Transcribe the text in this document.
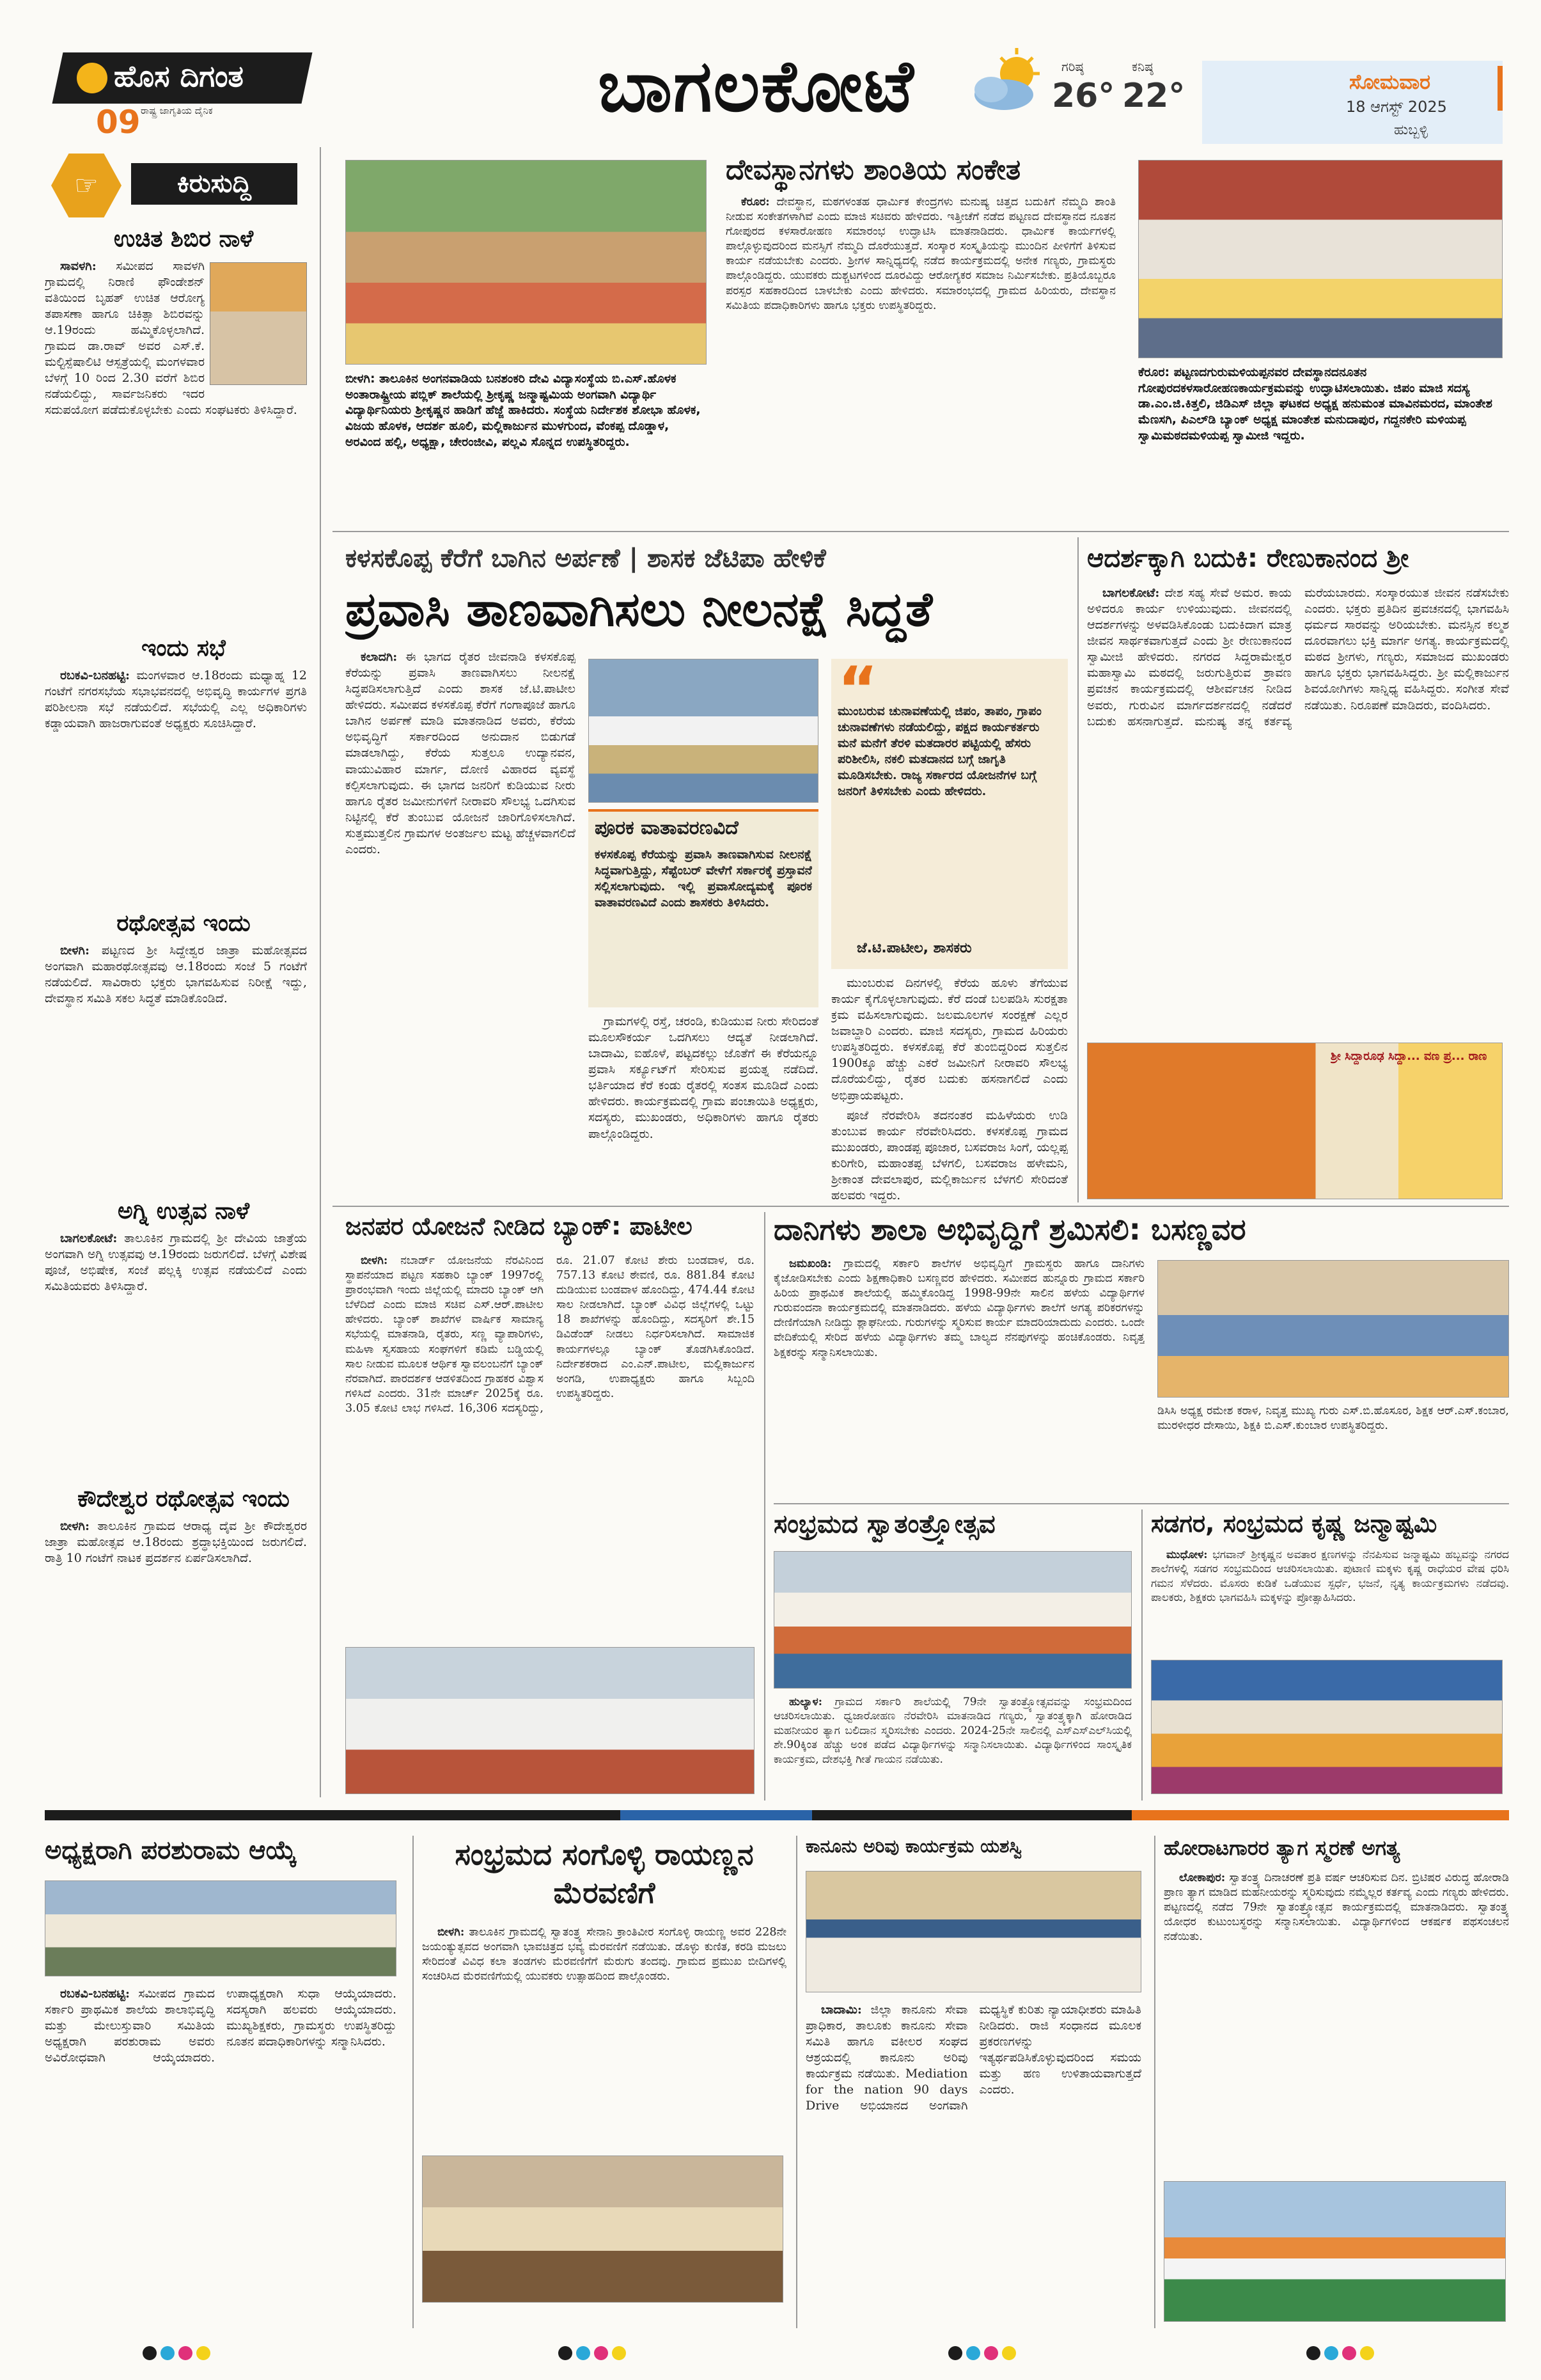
ಹೊಸ ದಿಗಂತ
ರಾಷ್ಟ್ರ ಜಾಗೃತಿಯ ದೈನಿಕ
09	ಬಾಗಲಕೋಟೆ	ಗರಿಷ್ಠ
26°
ಕನಿಷ್ಠ
22°	ಸೋಮವಾರ
18 ಆಗಸ್ಟ್ 2025
ಹುಬ್ಬಳ್ಳಿ
☞	ಕಿರುಸುದ್ದಿ

ಉಚಿತ ಶಿಬಿರ ನಾಳೆ

ಸಾವಳಗಿ: ಸಮೀಪದ ಸಾವಳಗಿ ಗ್ರಾಮದಲ್ಲಿ ನಿರಾಣಿ ಫೌಂಡೇಶನ್ ವತಿಯಿಂದ ಬೃಹತ್ ಉಚಿತ ಆರೋಗ್ಯ ತಪಾಸಣಾ ಹಾಗೂ ಚಿಕಿತ್ಸಾ ಶಿಬಿರವನ್ನು ಆ.19ರಂದು ಹಮ್ಮಿಕೊಳ್ಳಲಾಗಿದೆ. ಗ್ರಾಮದ ಡಾ.ರಾವ್ ಅವರ ಎಸ್.ಕೆ. ಮಲ್ಟಿಸ್ಪೆಷಾಲಿಟಿ ಆಸ್ಪತ್ರೆಯಲ್ಲಿ ಮಂಗಳವಾರ ಬೆಳಗ್ಗೆ 10 ರಿಂದ 2.30 ವರೆಗೆ ಶಿಬಿರ ನಡೆಯಲಿದ್ದು, ಸಾರ್ವಜನಿಕರು ಇದರ ಸದುಪಯೋಗ ಪಡೆದುಕೊಳ್ಳಬೇಕು ಎಂದು ಸಂಘಟಕರು ತಿಳಿಸಿದ್ದಾರೆ.

ಇಂದು ಸಭೆ

ರಬಕವಿ-ಬನಹಟ್ಟಿ: ಮಂಗಳವಾರ ಆ.18ರಂದು ಮಧ್ಯಾಹ್ನ 12 ಗಂಟೆಗೆ ನಗರಸಭೆಯ ಸಭಾಭವನದಲ್ಲಿ ಅಭಿವೃದ್ಧಿ ಕಾರ್ಯಗಳ ಪ್ರಗತಿ ಪರಿಶೀಲನಾ ಸಭೆ ನಡೆಯಲಿದೆ. ಸಭೆಯಲ್ಲಿ ಎಲ್ಲ ಅಧಿಕಾರಿಗಳು ಕಡ್ಡಾಯವಾಗಿ ಹಾಜರಾಗುವಂತೆ ಅಧ್ಯಕ್ಷರು ಸೂಚಿಸಿದ್ದಾರೆ.

ರಥೋತ್ಸವ ಇಂದು

ಬೀಳಗಿ: ಪಟ್ಟಣದ ಶ್ರೀ ಸಿದ್ದೇಶ್ವರ ಜಾತ್ರಾ ಮಹೋತ್ಸವದ ಅಂಗವಾಗಿ ಮಹಾರಥೋತ್ಸವವು ಆ.18ರಂದು ಸಂಜೆ 5 ಗಂಟೆಗೆ ನಡೆಯಲಿದೆ. ಸಾವಿರಾರು ಭಕ್ತರು ಭಾಗವಹಿಸುವ ನಿರೀಕ್ಷೆ ಇದ್ದು, ದೇವಸ್ಥಾನ ಸಮಿತಿ ಸಕಲ ಸಿದ್ಧತೆ ಮಾಡಿಕೊಂಡಿದೆ.

ಅಗ್ನಿ ಉತ್ಸವ ನಾಳೆ

ಬಾಗಲಕೋಟೆ: ತಾಲೂಕಿನ ಗ್ರಾಮದಲ್ಲಿ ಶ್ರೀ ದೇವಿಯ ಜಾತ್ರೆಯ ಅಂಗವಾಗಿ ಅಗ್ನಿ ಉತ್ಸವವು ಆ.19ರಂದು ಜರುಗಲಿದೆ. ಬೆಳಗ್ಗೆ ವಿಶೇಷ ಪೂಜೆ, ಅಭಿಷೇಕ, ಸಂಜೆ ಪಲ್ಲಕ್ಕಿ ಉತ್ಸವ ನಡೆಯಲಿದೆ ಎಂದು ಸಮಿತಿಯವರು ತಿಳಿಸಿದ್ದಾರೆ.

ಕೌದೇಶ್ವರ ರಥೋತ್ಸವ ಇಂದು

ಬೀಳಗಿ: ತಾಲೂಕಿನ ಗ್ರಾಮದ ಆರಾಧ್ಯ ದೈವ ಶ್ರೀ ಕೌದೇಶ್ವರರ ಜಾತ್ರಾ ಮಹೋತ್ಸವ ಆ.18ರಂದು ಶ್ರದ್ಧಾಭಕ್ತಿಯಿಂದ ಜರುಗಲಿದೆ. ರಾತ್ರಿ 10 ಗಂಟೆಗೆ ನಾಟಕ ಪ್ರದರ್ಶನ ಏರ್ಪಡಿಸಲಾಗಿದೆ.

ಬೀಳಗಿ: ತಾಲೂಕಿನ ಅಂಗನವಾಡಿಯ ಬನಶಂಕರಿ ದೇವಿ ವಿದ್ಯಾಸಂಸ್ಥೆಯ ಬಿ.ಎಸ್.ಹೊಳಕ ಅಂತಾರಾಷ್ಟ್ರೀಯ ಪಬ್ಲಿಕ್ ಶಾಲೆಯಲ್ಲಿ ಶ್ರೀಕೃಷ್ಣ ಜನ್ಮಾಷ್ಟಮಿಯ ಅಂಗವಾಗಿ ವಿದ್ಯಾರ್ಥಿ ವಿದ್ಯಾರ್ಥಿನಿಯರು ಶ್ರೀಕೃಷ್ಣನ ಹಾಡಿಗೆ ಹೆಜ್ಜೆ ಹಾಕಿದರು. ಸಂಸ್ಥೆಯ ನಿರ್ದೇಶಕ ಶೋಭಾ ಹೊಳಕ, ವಿಜಯ ಹೊಳಕ, ಆದರ್ಶ ಹೂಲಿ, ಮಲ್ಲಿಕಾರ್ಜುನ ಮುಳಗುಂದ, ವೆಂಕಪ್ಪ ದೊಡ್ಡಾಳ, ಅರವಿಂದ ಹಲ್ಲಿ, ಅಧ್ಯಕ್ಷಾ, ಚೇರಂಜೀವಿ, ಪಲ್ಲವಿ ಸೊನ್ನದ ಉಪಸ್ಥಿತರಿದ್ದರು.
ದೇವಸ್ಥಾನಗಳು ಶಾಂತಿಯ ಸಂಕೇತ

ಕೆರೂರ: ದೇವಸ್ಥಾನ, ಮಠಗಳಂತಹ ಧಾರ್ಮಿಕ ಕೇಂದ್ರಗಳು ಮನುಷ್ಯ ಚಿತ್ತದ ಬದುಕಿಗೆ ನೆಮ್ಮದಿ ಶಾಂತಿ ನೀಡುವ ಸಂಕೇತಗಳಾಗಿವೆ ಎಂದು ಮಾಜಿ ಸಚಿವರು ಹೇಳಿದರು. ಇತ್ತೀಚೆಗೆ ನಡೆದ ಪಟ್ಟಣದ ದೇವಸ್ಥಾನದ ನೂತನ ಗೋಪುರದ ಕಳಸಾರೋಹಣ ಸಮಾರಂಭ ಉದ್ಘಾಟಿಸಿ ಮಾತನಾಡಿದರು. ಧಾರ್ಮಿಕ ಕಾರ್ಯಗಳಲ್ಲಿ ಪಾಲ್ಗೊಳ್ಳುವುದರಿಂದ ಮನಸ್ಸಿಗೆ ನೆಮ್ಮದಿ ದೊರೆಯುತ್ತದೆ. ಸಂಸ್ಕಾರ ಸಂಸ್ಕೃತಿಯನ್ನು ಮುಂದಿನ ಪೀಳಿಗೆಗೆ ತಿಳಿಸುವ ಕಾರ್ಯ ನಡೆಯಬೇಕು ಎಂದರು. ಶ್ರೀಗಳ ಸಾನ್ನಿಧ್ಯದಲ್ಲಿ ನಡೆದ ಕಾರ್ಯಕ್ರಮದಲ್ಲಿ ಅನೇಕ ಗಣ್ಯರು, ಗ್ರಾಮಸ್ಥರು ಪಾಲ್ಗೊಂಡಿದ್ದರು. ಯುವಕರು ದುಶ್ಚಟಗಳಿಂದ ದೂರವಿದ್ದು ಆರೋಗ್ಯಕರ ಸಮಾಜ ನಿರ್ಮಿಸಬೇಕು. ಪ್ರತಿಯೊಬ್ಬರೂ ಪರಸ್ಪರ ಸಹಕಾರದಿಂದ ಬಾಳಬೇಕು ಎಂದು ಹೇಳಿದರು. ಸಮಾರಂಭದಲ್ಲಿ ಗ್ರಾಮದ ಹಿರಿಯರು, ದೇವಸ್ಥಾನ ಸಮಿತಿಯ ಪದಾಧಿಕಾರಿಗಳು ಹಾಗೂ ಭಕ್ತರು ಉಪಸ್ಥಿತರಿದ್ದರು.

ಕೆರೂರ: ಪಟ್ಟಣದಗುರುಮಳಿಯಪ್ಪನವರ ದೇವಸ್ಥಾನದನೂತನ ಗೋಪುರದಕಳಸಾರೋಹಣಕಾರ್ಯಕ್ರಮವನ್ನು ಉದ್ಘಾಟಿಸಲಾಯಿತು. ಜಿಪಂ ಮಾಜಿ ಸದಸ್ಯ ಡಾ.ಎಂ.ಜಿ.ಕಿತ್ತಲಿ, ಜಿಡಿಎಸ್ ಜಿಲ್ಲಾ ಘಟಕದ ಅಧ್ಯಕ್ಷ ಹನುಮಂತ ಮಾವಿನಮರದ, ಮಾಂತೇಶ ಮೆಣಸಗಿ, ಪಿಎಲ್‌ಡಿ ಬ್ಯಾಂಕ್ ಅಧ್ಯಕ್ಷ ಮಾಂತೇಶ ಮನುದಾಪುರ, ಗದ್ದನಕೇರಿ ಮಳಿಯಪ್ಪ ಸ್ವಾಮಿಮಠದಮಳಿಯಪ್ಪ ಸ್ವಾಮೀಜಿ ಇದ್ದರು.
ಕಳಸಕೊಪ್ಪ ಕೆರೆಗೆ ಬಾಗಿನ ಅರ್ಪಣೆ | ಶಾಸಕ ಜೆಟಿಪಾ ಹೇಳಿಕೆ
ಪ್ರವಾಸಿ ತಾಣವಾಗಿಸಲು ನೀಲನಕ್ಷೆ ಸಿದ್ಧತೆ

ಕಲಾದಗಿ: ಈ ಭಾಗದ ರೈತರ ಜೀವನಾಡಿ ಕಳಸಕೊಪ್ಪ ಕೆರೆಯನ್ನು ಪ್ರವಾಸಿ ತಾಣವಾಗಿಸಲು ನೀಲನಕ್ಷೆ ಸಿದ್ಧಪಡಿಸಲಾಗುತ್ತಿದೆ ಎಂದು ಶಾಸಕ ಜೆ.ಟಿ.ಪಾಟೀಲ ಹೇಳಿದರು. ಸಮೀಪದ ಕಳಸಕೊಪ್ಪ ಕೆರೆಗೆ ಗಂಗಾಪೂಜೆ ಹಾಗೂ ಬಾಗಿನ ಅರ್ಪಣೆ ಮಾಡಿ ಮಾತನಾಡಿದ ಅವರು, ಕೆರೆಯ ಅಭಿವೃದ್ಧಿಗೆ ಸರ್ಕಾರದಿಂದ ಅನುದಾನ ಬಿಡುಗಡೆ ಮಾಡಲಾಗಿದ್ದು, ಕೆರೆಯ ಸುತ್ತಲೂ ಉದ್ಯಾನವನ, ವಾಯುವಿಹಾರ ಮಾರ್ಗ, ದೋಣಿ ವಿಹಾರದ ವ್ಯವಸ್ಥೆ ಕಲ್ಪಿಸಲಾಗುವುದು. ಈ ಭಾಗದ ಜನರಿಗೆ ಕುಡಿಯುವ ನೀರು ಹಾಗೂ ರೈತರ ಜಮೀನುಗಳಿಗೆ ನೀರಾವರಿ ಸೌಲಭ್ಯ ಒದಗಿಸುವ ನಿಟ್ಟಿನಲ್ಲಿ ಕೆರೆ ತುಂಬುವ ಯೋಜನೆ ಜಾರಿಗೊಳಿಸಲಾಗಿದೆ. ಸುತ್ತಮುತ್ತಲಿನ ಗ್ರಾಮಗಳ ಅಂತರ್ಜಲ ಮಟ್ಟ ಹೆಚ್ಚಳವಾಗಲಿದೆ ಎಂದರು.

ಪೂರಕ ವಾತಾವರಣವಿದೆ
ಕಳಸಕೊಪ್ಪ ಕೆರೆಯನ್ನು ಪ್ರವಾಸಿ ತಾಣವಾಗಿಸುವ ನೀಲನಕ್ಷೆ ಸಿದ್ಧವಾಗುತ್ತಿದ್ದು, ಸೆಪ್ಟೆಂಬರ್ ವೇಳೆಗೆ ಸರ್ಕಾರಕ್ಕೆ ಪ್ರಸ್ತಾವನೆ ಸಲ್ಲಿಸಲಾಗುವುದು. ಇಲ್ಲಿ ಪ್ರವಾಸೋದ್ಯಮಕ್ಕೆ ಪೂರಕ ವಾತಾವರಣವಿದೆ ಎಂದು ಶಾಸಕರು ತಿಳಿಸಿದರು.

ಗ್ರಾಮಗಳಲ್ಲಿ ರಸ್ತೆ, ಚರಂಡಿ, ಕುಡಿಯುವ ನೀರು ಸೇರಿದಂತೆ ಮೂಲಸೌಕರ್ಯ ಒದಗಿಸಲು ಆದ್ಯತೆ ನೀಡಲಾಗಿದೆ. ಬಾದಾಮಿ, ಐಹೊಳೆ, ಪಟ್ಟದಕಲ್ಲು ಜೊತೆಗೆ ಈ ಕೆರೆಯನ್ನೂ ಪ್ರವಾಸಿ ಸರ್ಕ್ಯೂಟ್‌ಗೆ ಸೇರಿಸುವ ಪ್ರಯತ್ನ ನಡೆದಿದೆ. ಭರ್ತಿಯಾದ ಕೆರೆ ಕಂಡು ರೈತರಲ್ಲಿ ಸಂತಸ ಮೂಡಿದೆ ಎಂದು ಹೇಳಿದರು. ಕಾರ್ಯಕ್ರಮದಲ್ಲಿ ಗ್ರಾಮ ಪಂಚಾಯಿತಿ ಅಧ್ಯಕ್ಷರು, ಸದಸ್ಯರು, ಮುಖಂಡರು, ಅಧಿಕಾರಿಗಳು ಹಾಗೂ ರೈತರು ಪಾಲ್ಗೊಂಡಿದ್ದರು.

“
ಮುಂಬರುವ ಚುನಾವಣೆಯಲ್ಲಿ ಜಿಪಂ, ತಾಪಂ, ಗ್ರಾಪಂ ಚುನಾವಣೆಗಳು ನಡೆಯಲಿದ್ದು, ಪಕ್ಷದ ಕಾರ್ಯಕರ್ತರು ಮನೆ ಮನೆಗೆ ತೆರಳಿ ಮತದಾರರ ಪಟ್ಟಿಯಲ್ಲಿ ಹೆಸರು ಪರಿಶೀಲಿಸಿ, ನಕಲಿ ಮತದಾನದ ಬಗ್ಗೆ ಜಾಗೃತಿ ಮೂಡಿಸಬೇಕು. ರಾಜ್ಯ ಸರ್ಕಾರದ ಯೋಜನೆಗಳ ಬಗ್ಗೆ ಜನರಿಗೆ ತಿಳಿಸಬೇಕು ಎಂದು ಹೇಳಿದರು.
ಜೆ.ಟಿ.ಪಾಟೀಲ, ಶಾಸಕರು

ಮುಂಬರುವ ದಿನಗಳಲ್ಲಿ ಕೆರೆಯ ಹೂಳು ತೆಗೆಯುವ ಕಾರ್ಯ ಕೈಗೊಳ್ಳಲಾಗುವುದು. ಕೆರೆ ದಂಡೆ ಬಲಪಡಿಸಿ ಸುರಕ್ಷತಾ ಕ್ರಮ ವಹಿಸಲಾಗುವುದು. ಜಲಮೂಲಗಳ ಸಂರಕ್ಷಣೆ ಎಲ್ಲರ ಜವಾಬ್ದಾರಿ ಎಂದರು. ಮಾಜಿ ಸದಸ್ಯರು, ಗ್ರಾಮದ ಹಿರಿಯರು ಉಪಸ್ಥಿತರಿದ್ದರು. ಕಳಸಕೊಪ್ಪ ಕೆರೆ ತುಂಬಿದ್ದರಿಂದ ಸುತ್ತಲಿನ 1900ಕ್ಕೂ ಹೆಚ್ಚು ಎಕರೆ ಜಮೀನಿಗೆ ನೀರಾವರಿ ಸೌಲಭ್ಯ ದೊರೆಯಲಿದ್ದು, ರೈತರ ಬದುಕು ಹಸನಾಗಲಿದೆ ಎಂದು ಅಭಿಪ್ರಾಯಪಟ್ಟರು.

ಪೂಜೆ ನೆರವೇರಿಸಿ ತದನಂತರ ಮಹಿಳೆಯರು ಉಡಿ ತುಂಬುವ ಕಾರ್ಯ ನೆರವೇರಿಸಿದರು. ಕಳಸಕೊಪ್ಪ ಗ್ರಾಮದ ಮುಖಂಡರು, ಪಾಂಡಪ್ಪ ಪೂಜಾರ, ಬಸವರಾಜ ಸಿಂಗೆ, ಯಲ್ಲಪ್ಪ ಕುರಿಗೇರಿ, ಮಹಾಂತಪ್ಪ ಬೆಳಗಲಿ, ಬಸವರಾಜ ಹಳೇಮನಿ, ಶ್ರೀಕಾಂತ ದೇವಲಾಪುರ, ಮಲ್ಲಿಕಾರ್ಜುನ ಬೆಳಗಲಿ ಸೇರಿದಂತೆ ಹಲವರು ಇದ್ದರು.

ಆದರ್ಶಕ್ಕಾಗಿ ಬದುಕಿ: ರೇಣುಕಾನಂದ ಶ್ರೀ

ಬಾಗಲಕೋಟೆ: ದೇಶ ಸಹ್ಯ ಸೇವೆ ಅಮರ. ಕಾಯ ಅಳಿದರೂ ಕಾರ್ಯ ಉಳಿಯುವುದು. ಜೀವನದಲ್ಲಿ ಆದರ್ಶಗಳನ್ನು ಅಳವಡಿಸಿಕೊಂಡು ಬದುಕಿದಾಗ ಮಾತ್ರ ಜೀವನ ಸಾರ್ಥಕವಾಗುತ್ತದೆ ಎಂದು ಶ್ರೀ ರೇಣುಕಾನಂದ ಸ್ವಾಮೀಜಿ ಹೇಳಿದರು. ನಗರದ ಸಿದ್ದರಾಮೇಶ್ವರ ಮಹಾಸ್ವಾಮಿ ಮಠದಲ್ಲಿ ಜರುಗುತ್ತಿರುವ ಶ್ರಾವಣ ಪ್ರವಚನ ಕಾರ್ಯಕ್ರಮದಲ್ಲಿ ಆಶೀರ್ವಚನ ನೀಡಿದ ಅವರು, ಗುರುವಿನ ಮಾರ್ಗದರ್ಶನದಲ್ಲಿ ನಡೆದರೆ ಬದುಕು ಹಸನಾಗುತ್ತದೆ. ಮನುಷ್ಯ ತನ್ನ ಕರ್ತವ್ಯ ಮರೆಯಬಾರದು. ಸಂಸ್ಕಾರಯುತ ಜೀವನ ನಡೆಸಬೇಕು ಎಂದರು. ಭಕ್ತರು ಪ್ರತಿದಿನ ಪ್ರವಚನದಲ್ಲಿ ಭಾಗವಹಿಸಿ ಧರ್ಮದ ಸಾರವನ್ನು ಅರಿಯಬೇಕು. ಮನಸ್ಸಿನ ಕಲ್ಮಶ ದೂರವಾಗಲು ಭಕ್ತಿ ಮಾರ್ಗ ಅಗತ್ಯ. ಕಾರ್ಯಕ್ರಮದಲ್ಲಿ ಮಠದ ಶ್ರೀಗಳು, ಗಣ್ಯರು, ಸಮಾಜದ ಮುಖಂಡರು ಹಾಗೂ ಭಕ್ತರು ಭಾಗವಹಿಸಿದ್ದರು. ಶ್ರೀ ಮಲ್ಲಿಕಾರ್ಜುನ ಶಿವಯೋಗಿಗಳು ಸಾನ್ನಿಧ್ಯ ವಹಿಸಿದ್ದರು. ಸಂಗೀತ ಸೇವೆ ನಡೆಯಿತು. ನಿರೂಪಣೆ ಮಾಡಿದರು, ವಂದಿಸಿದರು.

ಶ್ರೀ ಸಿದ್ದಾರೂಢ ಸಿದ್ದಾ... ವಣ ಪ್ರ... ರಾಣ
ಜನಪರ ಯೋಜನೆ ನೀಡಿದ ಬ್ಯಾಂಕ್: ಪಾಟೀಲ

ಬೀಳಗಿ: ನಬಾರ್ಡ್ ಯೋಜನೆಯ ನೆರವಿನಿಂದ ಸ್ಥಾಪನೆಯಾದ ಪಟ್ಟಣ ಸಹಕಾರಿ ಬ್ಯಾಂಕ್ 1997ರಲ್ಲಿ ಪ್ರಾರಂಭವಾಗಿ ಇಂದು ಜಿಲ್ಲೆಯಲ್ಲಿ ಮಾದರಿ ಬ್ಯಾಂಕ್ ಆಗಿ ಬೆಳೆದಿದೆ ಎಂದು ಮಾಜಿ ಸಚಿವ ಎಸ್.ಆರ್.ಪಾಟೀಲ ಹೇಳಿದರು. ಬ್ಯಾಂಕ್ ಶಾಖೆಗಳ ವಾರ್ಷಿಕ ಸಾಮಾನ್ಯ ಸಭೆಯಲ್ಲಿ ಮಾತನಾಡಿ, ರೈತರು, ಸಣ್ಣ ವ್ಯಾಪಾರಿಗಳು, ಮಹಿಳಾ ಸ್ವಸಹಾಯ ಸಂಘಗಳಿಗೆ ಕಡಿಮೆ ಬಡ್ಡಿಯಲ್ಲಿ ಸಾಲ ನೀಡುವ ಮೂಲಕ ಆರ್ಥಿಕ ಸ್ವಾವಲಂಬನೆಗೆ ಬ್ಯಾಂಕ್ ನೆರವಾಗಿದೆ. ಪಾರದರ್ಶಕ ಆಡಳಿತದಿಂದ ಗ್ರಾಹಕರ ವಿಶ್ವಾಸ ಗಳಿಸಿದೆ ಎಂದರು. 31ನೇ ಮಾರ್ಚ್ 2025ಕ್ಕೆ ರೂ. 3.05 ಕೋಟಿ ಲಾಭ ಗಳಿಸಿದೆ. 16,306 ಸದಸ್ಯರಿದ್ದು, ರೂ. 21.07 ಕೋಟಿ ಶೇರು ಬಂಡವಾಳ, ರೂ. 757.13 ಕೋಟಿ ಠೇವಣಿ, ರೂ. 881.84 ಕೋಟಿ ದುಡಿಯುವ ಬಂಡವಾಳ ಹೊಂದಿದ್ದು, 474.44 ಕೋಟಿ ಸಾಲ ನೀಡಲಾಗಿದೆ. ಬ್ಯಾಂಕ್ ವಿವಿಧ ಜಿಲ್ಲೆಗಳಲ್ಲಿ ಒಟ್ಟು 18 ಶಾಖೆಗಳನ್ನು ಹೊಂದಿದ್ದು, ಸದಸ್ಯರಿಗೆ ಶೇ.15 ಡಿವಿಡೆಂಡ್ ನೀಡಲು ನಿರ್ಧರಿಸಲಾಗಿದೆ. ಸಾಮಾಜಿಕ ಕಾರ್ಯಗಳಲ್ಲೂ ಬ್ಯಾಂಕ್ ತೊಡಗಿಸಿಕೊಂಡಿದೆ. ನಿರ್ದೇಶಕರಾದ ಎಂ.ಎನ್.ಪಾಟೀಲ, ಮಲ್ಲಿಕಾರ್ಜುನ ಅಂಗಡಿ, ಉಪಾಧ್ಯಕ್ಷರು ಹಾಗೂ ಸಿಬ್ಬಂದಿ ಉಪಸ್ಥಿತರಿದ್ದರು.

ದಾನಿಗಳು ಶಾಲಾ ಅಭಿವೃದ್ಧಿಗೆ ಶ್ರಮಿಸಲಿ: ಬಸಣ್ಣವರ

ಜಮಖಂಡಿ: ಗ್ರಾಮದಲ್ಲಿ ಸರ್ಕಾರಿ ಶಾಲೆಗಳ ಅಭಿವೃದ್ಧಿಗೆ ಗ್ರಾಮಸ್ಥರು ಹಾಗೂ ದಾನಿಗಳು ಕೈಜೋಡಿಸಬೇಕು ಎಂದು ಶಿಕ್ಷಣಾಧಿಕಾರಿ ಬಸಣ್ಣವರ ಹೇಳಿದರು. ಸಮೀಪದ ಹುನ್ನೂರು ಗ್ರಾಮದ ಸರ್ಕಾರಿ ಹಿರಿಯ ಪ್ರಾಥಮಿಕ ಶಾಲೆಯಲ್ಲಿ ಹಮ್ಮಿಕೊಂಡಿದ್ದ 1998-99ನೇ ಸಾಲಿನ ಹಳೆಯ ವಿದ್ಯಾರ್ಥಿಗಳ ಗುರುವಂದನಾ ಕಾರ್ಯಕ್ರಮದಲ್ಲಿ ಮಾತನಾಡಿದರು. ಹಳೆಯ ವಿದ್ಯಾರ್ಥಿಗಳು ಶಾಲೆಗೆ ಅಗತ್ಯ ಪರಿಕರಗಳನ್ನು ದೇಣಿಗೆಯಾಗಿ ನೀಡಿದ್ದು ಶ್ಲಾಘನೀಯ. ಗುರುಗಳನ್ನು ಸ್ಮರಿಸುವ ಕಾರ್ಯ ಮಾದರಿಯಾದುದು ಎಂದರು. ಒಂದೇ ವೇದಿಕೆಯಲ್ಲಿ ಸೇರಿದ ಹಳೆಯ ವಿದ್ಯಾರ್ಥಿಗಳು ತಮ್ಮ ಬಾಲ್ಯದ ನೆನಪುಗಳನ್ನು ಹಂಚಿಕೊಂಡರು. ನಿವೃತ್ತ ಶಿಕ್ಷಕರನ್ನು ಸನ್ಮಾನಿಸಲಾಯಿತು.

ಡಿಸಿಸಿ ಅಧ್ಯಕ್ಷ ರಮೇಶ ಕರಾಳ, ನಿವೃತ್ತ ಮುಖ್ಯ ಗುರು ಎಸ್.ಬಿ.ಹೊಸೂರ, ಶಿಕ್ಷಕ ಆರ್.ಎಸ್.ಕಂಬಾರ, ಮುರಳೀಧರ ದೇಸಾಯಿ, ಶಿಕ್ಷಕಿ ಬಿ.ಎಸ್.ಕುಂಬಾರ ಉಪಸ್ಥಿತರಿದ್ದರು.
ಸಂಭ್ರಮದ ಸ್ವಾತಂತ್ರ್ಯೋತ್ಸವ

ಹುಲ್ಯಾಳ: ಗ್ರಾಮದ ಸರ್ಕಾರಿ ಶಾಲೆಯಲ್ಲಿ 79ನೇ ಸ್ವಾತಂತ್ರ್ಯೋತ್ಸವವನ್ನು ಸಂಭ್ರಮದಿಂದ ಆಚರಿಸಲಾಯಿತು. ಧ್ವಜಾರೋಹಣ ನೆರವೇರಿಸಿ ಮಾತನಾಡಿದ ಗಣ್ಯರು, ಸ್ವಾತಂತ್ರ್ಯಕ್ಕಾಗಿ ಹೋರಾಡಿದ ಮಹನೀಯರ ತ್ಯಾಗ ಬಲಿದಾನ ಸ್ಮರಿಸಬೇಕು ಎಂದರು. 2024-25ನೇ ಸಾಲಿನಲ್ಲಿ ಎಸ್‌ಎಸ್‌ಎಲ್‌ಸಿಯಲ್ಲಿ ಶೇ.90ಕ್ಕಿಂತ ಹೆಚ್ಚು ಅಂಕ ಪಡೆದ ವಿದ್ಯಾರ್ಥಿಗಳನ್ನು ಸನ್ಮಾನಿಸಲಾಯಿತು. ವಿದ್ಯಾರ್ಥಿಗಳಿಂದ ಸಾಂಸ್ಕೃತಿಕ ಕಾರ್ಯಕ್ರಮ, ದೇಶಭಕ್ತಿ ಗೀತೆ ಗಾಯನ ನಡೆಯಿತು.

ಸಡಗರ, ಸಂಭ್ರಮದ ಕೃಷ್ಣ ಜನ್ಮಾಷ್ಟಮಿ

ಮುಧೋಳ: ಭಗವಾನ್ ಶ್ರೀಕೃಷ್ಣನ ಅವತಾರ ಕ್ಷಣಗಳನ್ನು ನೆನಪಿಸುವ ಜನ್ಮಾಷ್ಟಮಿ ಹಬ್ಬವನ್ನು ನಗರದ ಶಾಲೆಗಳಲ್ಲಿ ಸಡಗರ ಸಂಭ್ರಮದಿಂದ ಆಚರಿಸಲಾಯಿತು. ಪುಟಾಣಿ ಮಕ್ಕಳು ಕೃಷ್ಣ ರಾಧೆಯರ ವೇಷ ಧರಿಸಿ ಗಮನ ಸೆಳೆದರು. ಮೊಸರು ಕುಡಿಕೆ ಒಡೆಯುವ ಸ್ಪರ್ಧೆ, ಭಜನೆ, ನೃತ್ಯ ಕಾರ್ಯಕ್ರಮಗಳು ನಡೆದವು. ಪಾಲಕರು, ಶಿಕ್ಷಕರು ಭಾಗವಹಿಸಿ ಮಕ್ಕಳನ್ನು ಪ್ರೋತ್ಸಾಹಿಸಿದರು.

ಅಧ್ಯಕ್ಷರಾಗಿ ಪರಶುರಾಮ ಆಯ್ಕೆ

ರಬಕವಿ-ಬನಹಟ್ಟಿ: ಸಮೀಪದ ಗ್ರಾಮದ ಸರ್ಕಾರಿ ಪ್ರಾಥಮಿಕ ಶಾಲೆಯ ಶಾಲಾಭಿವೃದ್ಧಿ ಮತ್ತು ಮೇಲುಸ್ತುವಾರಿ ಸಮಿತಿಯ ಅಧ್ಯಕ್ಷರಾಗಿ ಪರಶುರಾಮ ಅವರು ಅವಿರೋಧವಾಗಿ ಆಯ್ಕೆಯಾದರು. ಉಪಾಧ್ಯಕ್ಷರಾಗಿ ಸುಧಾ ಆಯ್ಕೆಯಾದರು. ಸದಸ್ಯರಾಗಿ ಹಲವರು ಆಯ್ಕೆಯಾದರು. ಮುಖ್ಯಶಿಕ್ಷಕರು, ಗ್ರಾಮಸ್ಥರು ಉಪಸ್ಥಿತರಿದ್ದು ನೂತನ ಪದಾಧಿಕಾರಿಗಳನ್ನು ಸನ್ಮಾನಿಸಿದರು.

ಸಂಭ್ರಮದ ಸಂಗೊಳ್ಳಿ ರಾಯಣ್ಣನ ಮೆರವಣಿಗೆ

ಬೀಳಗಿ: ತಾಲೂಕಿನ ಗ್ರಾಮದಲ್ಲಿ ಸ್ವಾತಂತ್ರ್ಯ ಸೇನಾನಿ ಕ್ರಾಂತಿವೀರ ಸಂಗೊಳ್ಳಿ ರಾಯಣ್ಣ ಅವರ 228ನೇ ಜಯಂತ್ಯುತ್ಸವದ ಅಂಗವಾಗಿ ಭಾವಚಿತ್ರದ ಭವ್ಯ ಮೆರವಣಿಗೆ ನಡೆಯಿತು. ಡೊಳ್ಳು ಕುಣಿತ, ಕರಡಿ ಮಜಲು ಸೇರಿದಂತೆ ವಿವಿಧ ಕಲಾ ತಂಡಗಳು ಮೆರವಣಿಗೆಗೆ ಮೆರುಗು ತಂದವು. ಗ್ರಾಮದ ಪ್ರಮುಖ ಬೀದಿಗಳಲ್ಲಿ ಸಂಚರಿಸಿದ ಮೆರವಣಿಗೆಯಲ್ಲಿ ಯುವಕರು ಉತ್ಸಾಹದಿಂದ ಪಾಲ್ಗೊಂಡರು.

ಕಾನೂನು ಅರಿವು ಕಾರ್ಯಕ್ರಮ ಯಶಸ್ವಿ

ಬಾದಾಮಿ: ಜಿಲ್ಲಾ ಕಾನೂನು ಸೇವಾ ಪ್ರಾಧಿಕಾರ, ತಾಲೂಕು ಕಾನೂನು ಸೇವಾ ಸಮಿತಿ ಹಾಗೂ ವಕೀಲರ ಸಂಘದ ಆಶ್ರಯದಲ್ಲಿ ಕಾನೂನು ಅರಿವು ಕಾರ್ಯಕ್ರಮ ನಡೆಯಿತು. Mediation for the nation 90 days Drive ಅಭಿಯಾನದ ಅಂಗವಾಗಿ ಮಧ್ಯಸ್ಥಿಕೆ ಕುರಿತು ನ್ಯಾಯಾಧೀಶರು ಮಾಹಿತಿ ನೀಡಿದರು. ರಾಜಿ ಸಂಧಾನದ ಮೂಲಕ ಪ್ರಕರಣಗಳನ್ನು ಇತ್ಯರ್ಥಪಡಿಸಿಕೊಳ್ಳುವುದರಿಂದ ಸಮಯ ಮತ್ತು ಹಣ ಉಳಿತಾಯವಾಗುತ್ತದೆ ಎಂದರು.

ಹೋರಾಟಗಾರರ ತ್ಯಾಗ ಸ್ಮರಣೆ ಅಗತ್ಯ

ಲೋಕಾಪುರ: ಸ್ವಾತಂತ್ರ್ಯ ದಿನಾಚರಣೆ ಪ್ರತಿ ವರ್ಷ ಆಚರಿಸುವ ದಿನ. ಬ್ರಿಟಿಷರ ವಿರುದ್ಧ ಹೋರಾಡಿ ಪ್ರಾಣ ತ್ಯಾಗ ಮಾಡಿದ ಮಹನೀಯರನ್ನು ಸ್ಮರಿಸುವುದು ನಮ್ಮೆಲ್ಲರ ಕರ್ತವ್ಯ ಎಂದು ಗಣ್ಯರು ಹೇಳಿದರು. ಪಟ್ಟಣದಲ್ಲಿ ನಡೆದ 79ನೇ ಸ್ವಾತಂತ್ರ್ಯೋತ್ಸವ ಕಾರ್ಯಕ್ರಮದಲ್ಲಿ ಮಾತನಾಡಿದರು. ಸ್ವಾತಂತ್ರ್ಯ ಯೋಧರ ಕುಟುಂಬಸ್ಥರನ್ನು ಸನ್ಮಾನಿಸಲಾಯಿತು. ವಿದ್ಯಾರ್ಥಿಗಳಿಂದ ಆಕರ್ಷಕ ಪಥಸಂಚಲನ ನಡೆಯಿತು.
